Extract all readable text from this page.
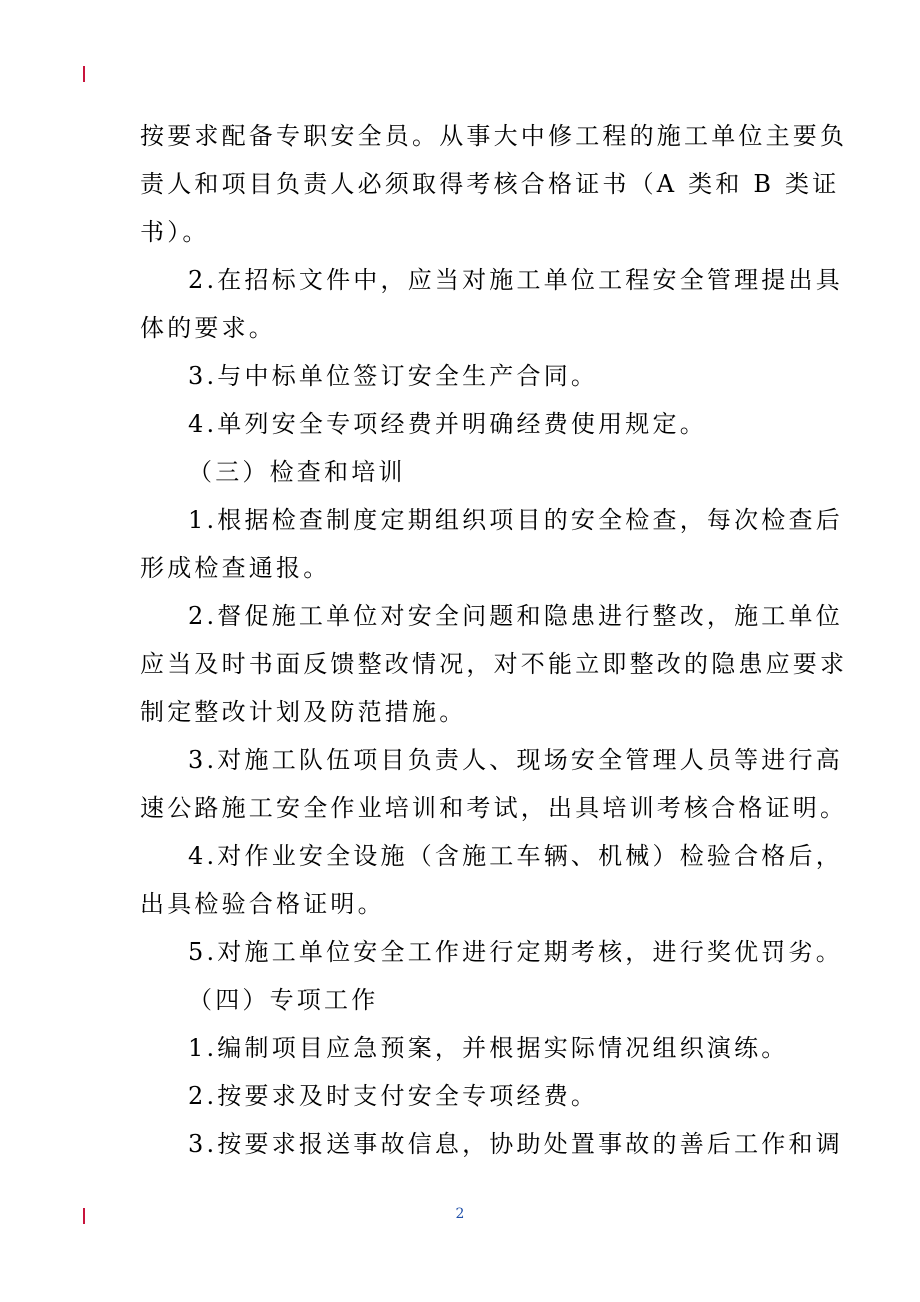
按要求配备专职安全员。从事大中修工程的施工单位主要负
责人和项目负责人必须取得考核合格证书（A 类和 B 类证
书）。

2.在招标文件中，应当对施工单位工程安全管理提出具
体的要求。

3.与中标单位签订安全生产合同。

4.单列安全专项经费并明确经费使用规定。

（三）检查和培训

1.根据检查制度定期组织项目的安全检查，每次检查后
形成检查通报。

2.督促施工单位对安全问题和隐患进行整改，施工单位
应当及时书面反馈整改情况，对不能立即整改的隐患应要求
制定整改计划及防范措施。

3.对施工队伍项目负责人、现场安全管理人员等进行高
速公路施工安全作业培训和考试，出具培训考核合格证明。

4.对作业安全设施（含施工车辆、机械）检验合格后，
出具检验合格证明。

5.对施工单位安全工作进行定期考核，进行奖优罚劣。

（四）专项工作

1.编制项目应急预案，并根据实际情况组织演练。

2.按要求及时支付安全专项经费。

3.按要求报送事故信息，协助处置事故的善后工作和调

2
